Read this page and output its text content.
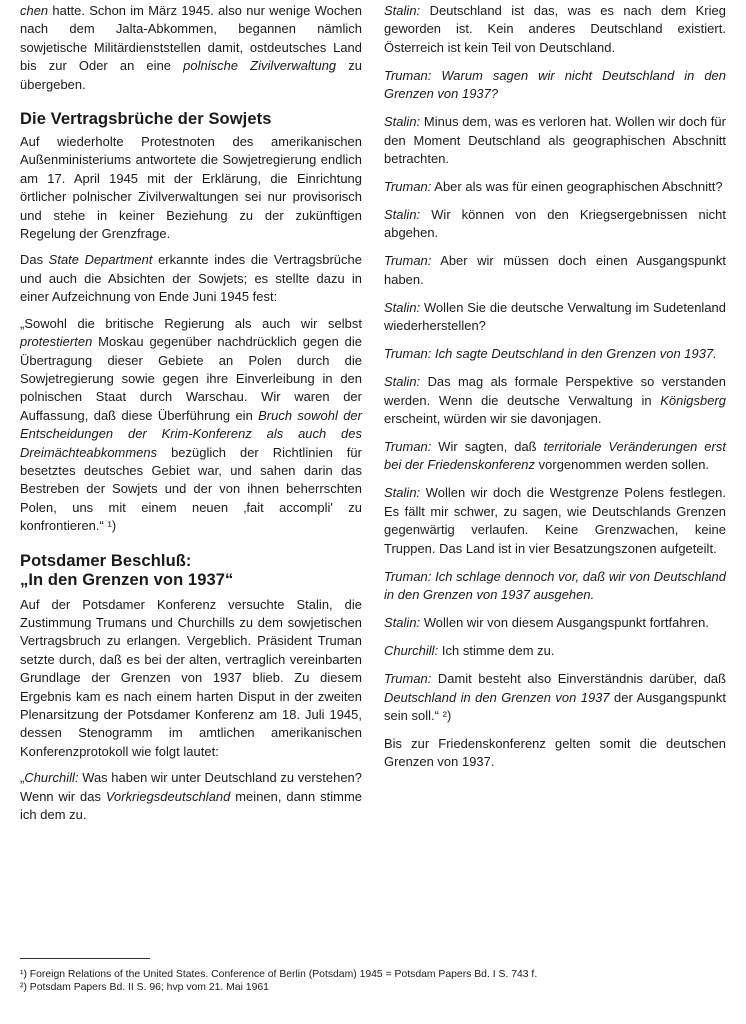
chen hatte. Schon im März 1945. also nur wenige Wochen nach dem Jalta-Abkommen, begannen nämlich sowjetische Militärdienststellen damit, ostdeutsches Land bis zur Oder an eine polnische Zivilverwaltung zu übergeben.

Die Vertragsbrüche der Sowjets

Auf wiederholte Protestnoten des amerikanischen Außenministeriums antwortete die Sowjetregierung endlich am 17. April 1945 mit der Erklärung, die Einrichtung örtlicher polnischer Zivilverwaltungen sei nur provisorisch und stehe in keiner Beziehung zu der zukünftigen Regelung der Grenzfrage.

Das State Department erkannte indes die Vertragsbrüche und auch die Absichten der Sowjets; es stellte dazu in einer Aufzeichnung von Ende Juni 1945 fest:

„Sowohl die britische Regierung als auch wir selbst protestierten Moskau gegenüber nachdrücklich gegen die Übertragung dieser Gebiete an Polen durch die Sowjetregierung sowie gegen ihre Einverleibung in den polnischen Staat durch Warschau. Wir waren der Auffassung, daß diese Überführung ein Bruch sowohl der Entscheidungen der Krim-Konferenz als auch des Dreimächteabkommens bezüglich der Richtlinien für besetztes deutsches Gebiet war, und sahen darin das Bestreben der Sowjets und der von ihnen beherrschten Polen, uns mit einem neuen ‚fait accompli' zu konfrontieren.“ ¹)

Potsdamer Beschluß:
„In den Grenzen von 1937“

Auf der Potsdamer Konferenz versuchte Stalin, die Zustimmung Trumans und Churchills zu dem sowjetischen Vertragsbruch zu erlangen. Vergeblich. Präsident Truman setzte durch, daß es bei der alten, vertraglich vereinbarten Grundlage der Grenzen von 1937 blieb. Zu diesem Ergebnis kam es nach einem harten Disput in der zweiten Plenarsitzung der Potsdamer Konferenz am 18. Juli 1945, dessen Stenogramm im amtlichen amerikanischen Konferenzprotokoll wie folgt lautet:

„Churchill: Was haben wir unter Deutschland zu verstehen? Wenn wir das Vorkriegsdeutschland meinen, dann stimme ich dem zu.

Stalin: Deutschland ist das, was es nach dem Krieg geworden ist. Kein anderes Deutschland existiert. Österreich ist kein Teil von Deutschland.

Truman: Warum sagen wir nicht Deutschland in den Grenzen von 1937?

Stalin: Minus dem, was es verloren hat. Wollen wir doch für den Moment Deutschland als geographischen Abschnitt betrachten.

Truman: Aber als was für einen geographischen Abschnitt?

Stalin: Wir können von den Kriegsergebnissen nicht abgehen.

Truman: Aber wir müssen doch einen Ausgangspunkt haben.

Stalin: Wollen Sie die deutsche Verwaltung im Sudetenland wiederherstellen?

Truman: Ich sagte Deutschland in den Grenzen von 1937.

Stalin: Das mag als formale Perspektive so verstanden werden. Wenn die deutsche Verwaltung in Königsberg erscheint, würden wir sie davonjagen.

Truman: Wir sagten, daß territoriale Veränderungen erst bei der Friedenskonferenz vorgenommen werden sollen.

Stalin: Wollen wir doch die Westgrenze Polens festlegen. Es fällt mir schwer, zu sagen, wie Deutschlands Grenzen gegenwärtig verlaufen. Keine Grenzwachen, keine Truppen. Das Land ist in vier Besatzungszonen aufgeteilt.

Truman: Ich schlage dennoch vor, daß wir von Deutschland in den Grenzen von 1937 ausgehen.

Stalin: Wollen wir von diesem Ausgangspunkt fortfahren.

Churchill: Ich stimme dem zu.

Truman: Damit besteht also Einverständnis darüber, daß Deutschland in den Grenzen von 1937 der Ausgangspunkt sein soll.“ ²)

Bis zur Friedenskonferenz gelten somit die deutschen Grenzen von 1937.

¹) Foreign Relations of the United States. Conference of Berlin (Potsdam) 1945 = Potsdam Papers Bd. I S. 743 f.

²) Potsdam Papers Bd. II S. 96; hvp vom 21. Mai 1961
